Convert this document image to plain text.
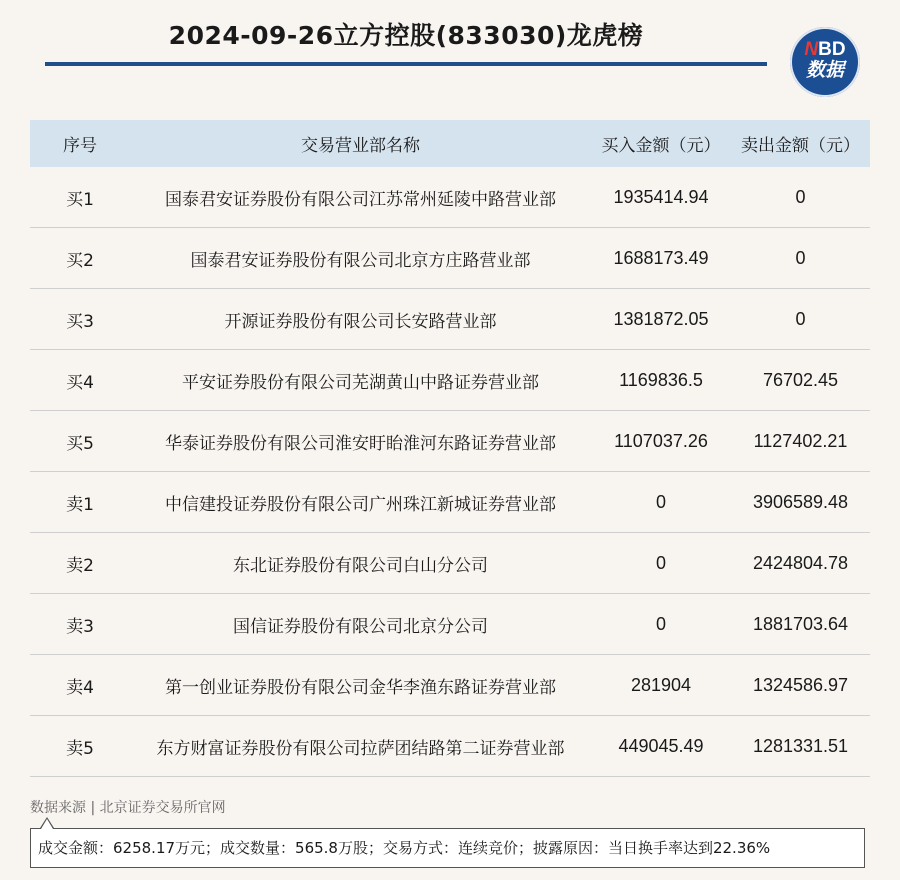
2024-09-26立方控股(833030)龙虎榜	NBD
数据
序号	交易营业部名称	买入金额（元）	卖出金额（元）
买1	国泰君安证券股份有限公司江苏常州延陵中路营业部	1935414.94	0
买2	国泰君安证券股份有限公司北京方庄路营业部	1688173.49	0
买3	开源证券股份有限公司长安路营业部	1381872.05	0
买4	平安证券股份有限公司芜湖黄山中路证券营业部	1169836.5	76702.45
买5	华泰证券股份有限公司淮安盱眙淮河东路证券营业部	1107037.26	1127402.21
卖1	中信建投证券股份有限公司广州珠江新城证券营业部	0	3906589.48
卖2	东北证券股份有限公司白山分公司	0	2424804.78
卖3	国信证券股份有限公司北京分公司	0	1881703.64
卖4	第一创业证券股份有限公司金华李渔东路证券营业部	281904	1324586.97
卖5	东方财富证券股份有限公司拉萨团结路第二证券营业部	449045.49	1281331.51
数据来源 | 北京证券交易所官网
成交金额：6258.17万元；成交数量：565.8万股；交易方式：连续竞价；披露原因：当日换手率达到22.36%
